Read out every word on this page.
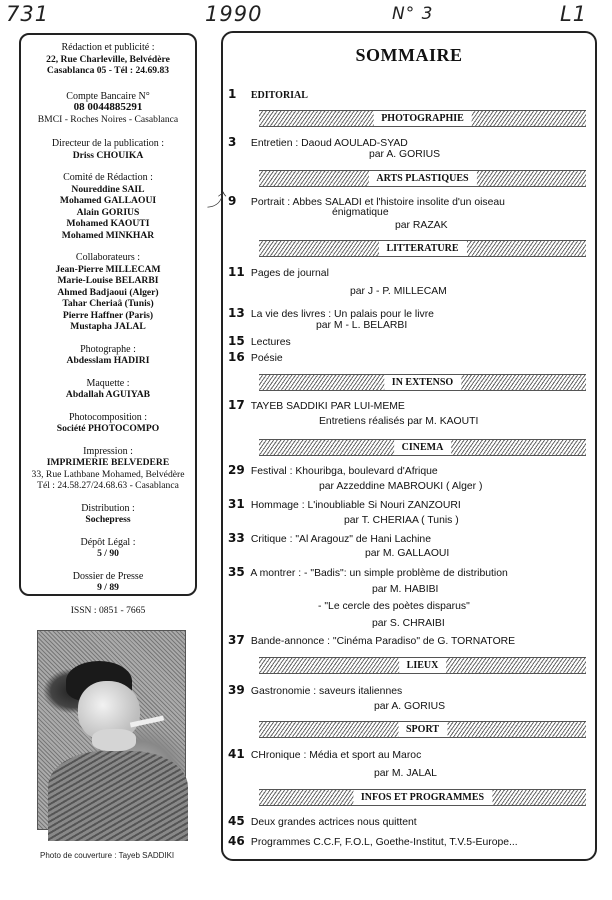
731	1990	N° 3	L1
Rédaction et publicité :
22, Rue Charleville, Belvédère
Casablanca 05 - Tél : 24.69.83
Compte Bancaire N°
08 0044885291
BMCI - Roches Noires - Casablanca
Directeur de la publication :
Driss CHOUIKA
Comité de Rédaction :
Noureddine SAIL
Mohamed GALLAOUI
Alain GORIUS
Mohamed KAOUTI
Mohamed MINKHAR
Collaborateurs :
Jean-Pierre MILLECAM
Marie-Louise BELARBI
Ahmed Badjaoui (Alger)
Tahar Cheriaâ (Tunis)
Pierre Haffner (Paris)
Mustapha JALAL
Photographe :
Abdesslam HADIRI
Maquette :
Abdallah AGUIYAB
Photocomposition :
Société PHOTOCOMPO
Impression :
IMPRIMERIE BELVEDERE
33, Rue Lathbane Mohamed, Belvédère
Tél : 24.58.27/24.68.63 - Casablanca
Distribution :
Sochepress
Dépôt Légal :
5 / 90
Dossier de Presse
9 / 89
ISSN : 0851 - 7665
Photo de couverture : Tayeb SADDIKI
SOMMAIRE
1 EDITORIAL
PHOTOGRAPHIE
3 Entretien : Daoud AOULAD-SYAD
par A. GORIUS
ARTS PLASTIQUES
9 Portrait : Abbes SALADI et l'histoire insolite d'un oiseau
énigmatique
par RAZAK
LITTERATURE
11 Pages de journal
par J - P. MILLECAM
13 La vie des livres : Un palais pour le livre
par M - L. BELARBI
15 Lectures
16 Poésie
IN EXTENSO
17 TAYEB SADDIKI PAR LUI-MEME
Entretiens réalisés par M. KAOUTI
CINEMA
29 Festival : Khouribga, boulevard d'Afrique
par Azzeddine MABROUKI ( Alger )
31 Hommage : L'inoubliable Si Nouri ZANZOURI
par T. CHERIAA ( Tunis )
33 Critique : "Al Aragouz" de Hani Lachine
par M. GALLAOUI
35 A montrer : - "Badis": un simple problème de distribution
par M. HABIBI
- "Le cercle des poètes disparus"
par S. CHRAIBI
37 Bande-annonce : "Cinéma Paradiso" de G. TORNATORE
LIEUX
39 Gastronomie : saveurs italiennes
par A. GORIUS
SPORT
41 CHronique : Média et sport au Maroc
par M. JALAL
INFOS ET PROGRAMMES
45 Deux grandes actrices nous quittent
46 Programmes C.C.F, F.O.L, Goethe-Institut, T.V.5-Europe...
⤴
